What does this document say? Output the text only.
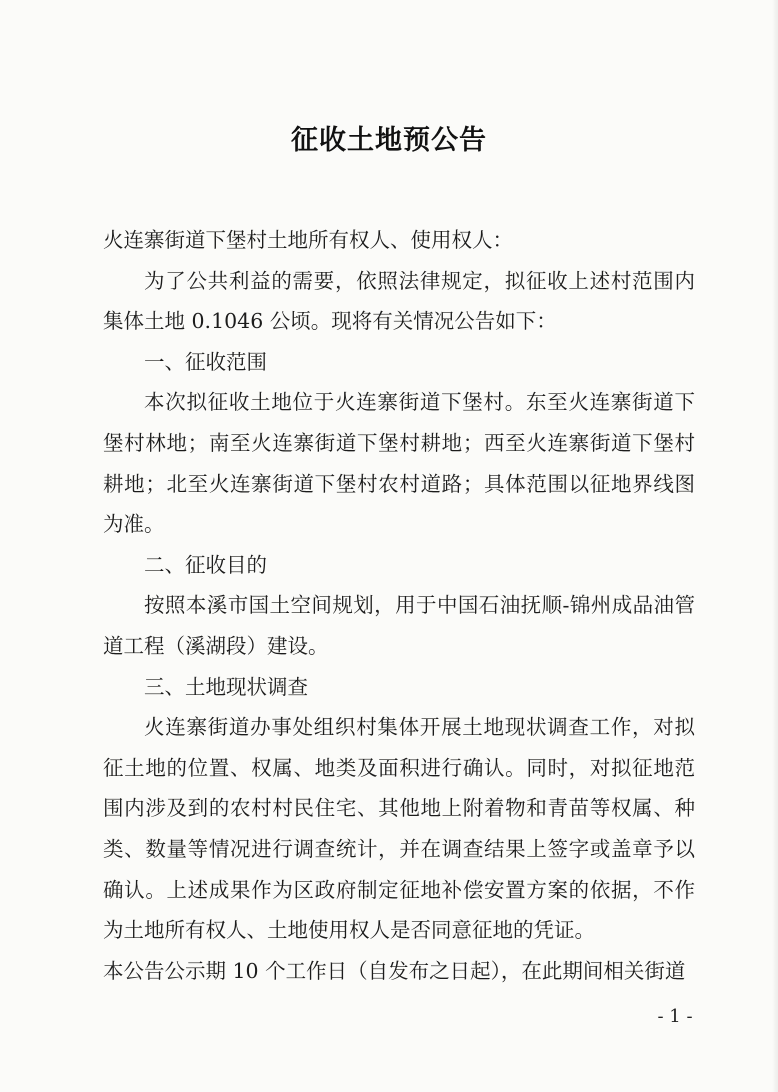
征收土地预公告

火连寨街道下堡村土地所有权人、使用权人：

为了公共利益的需要，依照法律规定，拟征收上述村范围内集体土地 0.1046 公顷。现将有关情况公告如下：

一、征收范围

本次拟征收土地位于火连寨街道下堡村。东至火连寨街道下堡村林地；南至火连寨街道下堡村耕地；西至火连寨街道下堡村耕地；北至火连寨街道下堡村农村道路；具体范围以征地界线图为准。

二、征收目的

按照本溪市国土空间规划，用于中国石油抚顺-锦州成品油管道工程（溪湖段）建设。

三、土地现状调查

火连寨街道办事处组织村集体开展土地现状调查工作，对拟征土地的位置、权属、地类及面积进行确认。同时，对拟征地范围内涉及到的农村村民住宅、其他地上附着物和青苗等权属、种类、数量等情况进行调查统计，并在调查结果上签字或盖章予以确认。上述成果作为区政府制定征地补偿安置方案的依据，不作为土地所有权人、土地使用权人是否同意征地的凭证。

本公告公示期 10 个工作日（自发布之日起），在此期间相关街道

- 1 -
